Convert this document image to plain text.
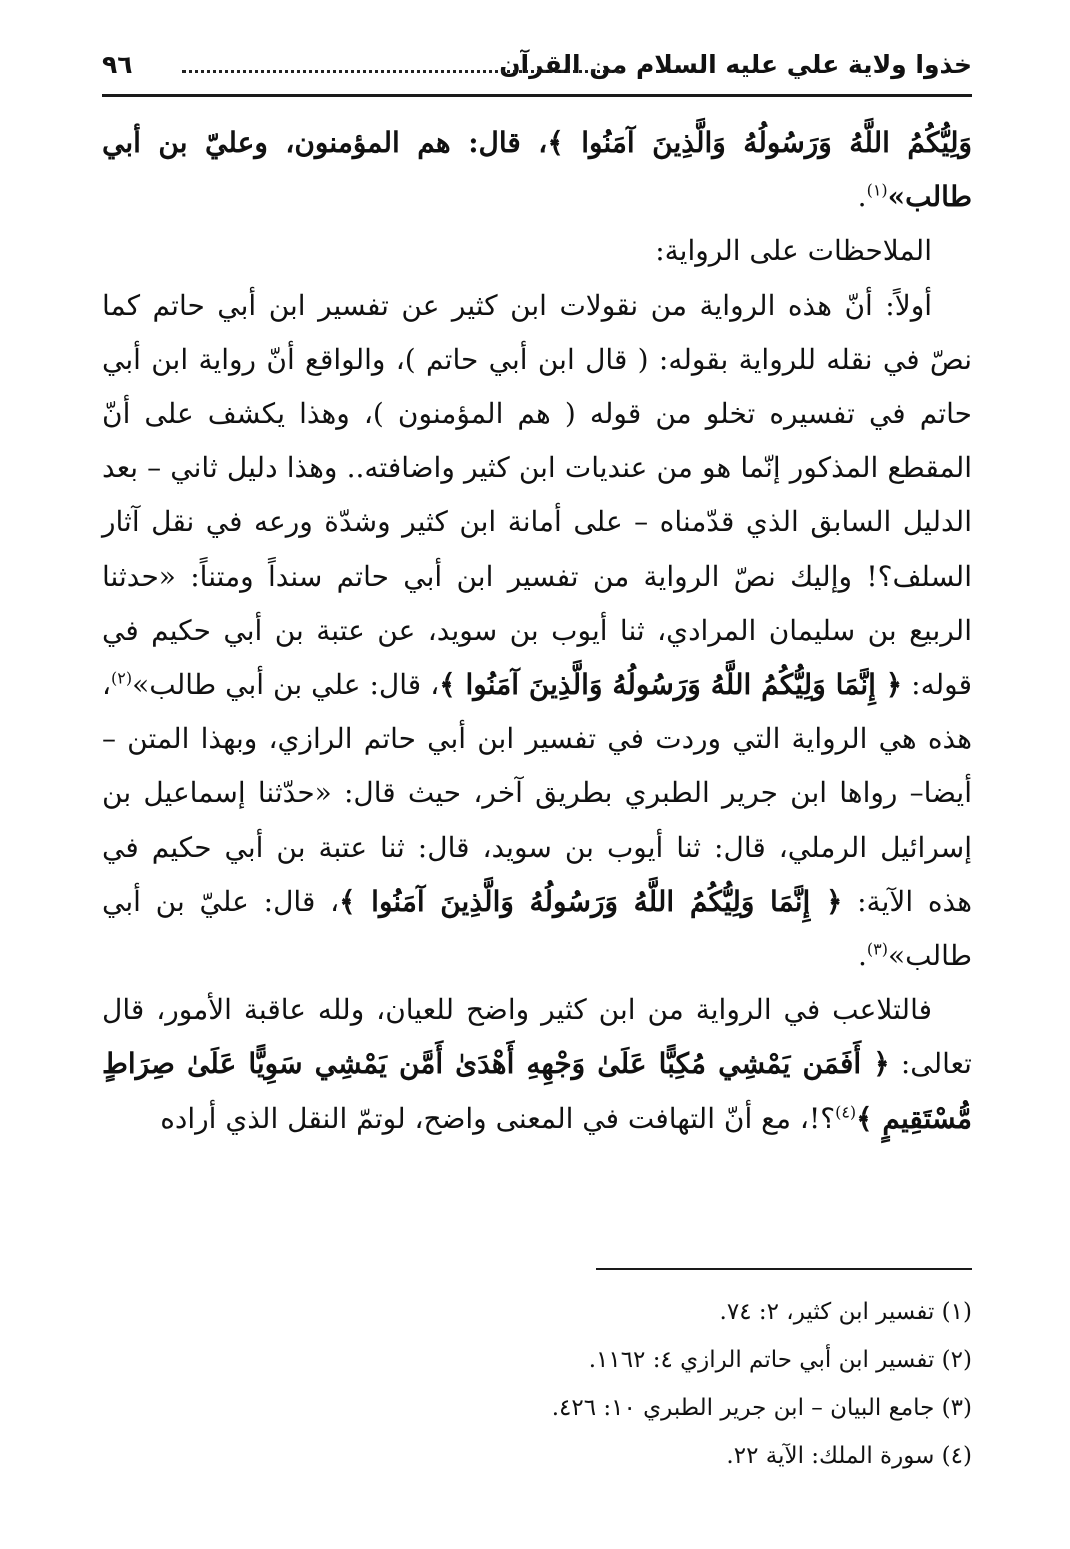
خذوا ولاية علي عليه السلام من القرآن
٩٦

وَلِيُّكُمُ اللَّهُ وَرَسُولُهُ وَالَّذِينَ آمَنُوا ﴾، قال: هم المؤمنون، وعليّ بن أبي طالب»$^{(١)}$.

الملاحظات على الرواية:

أولاً: أنّ هذه الرواية من نقولات ابن كثير عن تفسير ابن أبي حاتم كما نصّ في نقله للرواية بقوله: ( قال ابن أبي حاتم )، والواقع أنّ رواية ابن أبي حاتم في تفسيره تخلو من قوله ( هم المؤمنون )، وهذا يكشف على أنّ المقطع المذكور إنّما هو من عنديات ابن كثير واضافته.. وهذا دليل ثاني – بعد الدليل السابق الذي قدّمناه – على أمانة ابن كثير وشدّة ورعه في نقل آثار السلف؟! وإليك نصّ الرواية من تفسير ابن أبي حاتم سنداً ومتناً: «حدثنا الربيع بن سليمان المرادي، ثنا أيوب بن سويد، عن عتبة بن أبي حكيم في قوله: ﴿ إِنَّمَا وَلِيُّكُمُ اللَّهُ وَرَسُولُهُ وَالَّذِينَ آمَنُوا ﴾، قال: علي بن أبي طالب»$^{(٢)}$، هذه هي الرواية التي وردت في تفسير ابن أبي حاتم الرازي، وبهذا المتن –أيضا– رواها ابن جرير الطبري بطريق آخر، حيث قال: «حدّثنا إسماعيل بن إسرائيل الرملي، قال: ثنا أيوب بن سويد، قال: ثنا عتبة بن أبي حكيم في هذه الآية: ﴿ إِنَّمَا وَلِيُّكُمُ اللَّهُ وَرَسُولُهُ وَالَّذِينَ آمَنُوا ﴾، قال: عليّ بن أبي طالب»$^{(٣)}$.

فالتلاعب في الرواية من ابن كثير واضح للعيان، ولله عاقبة الأمور، قال تعالى: ﴿ أَفَمَن يَمْشِي مُكِبًّا عَلَىٰ وَجْهِهِ أَهْدَىٰ أَمَّن يَمْشِي سَوِيًّا عَلَىٰ صِرَاطٍ مُّسْتَقِيمٍ ﴾$^{(٤)}$؟!، مع أنّ التهافت في المعنى واضح، لوتمّ النقل الذي أراده

(١) تفسير ابن كثير، ٢: ٧٤.

(٢) تفسير ابن أبي حاتم الرازي ٤: ١١٦٢.

(٣) جامع البيان – ابن جرير الطبري ١٠: ٤٢٦.

(٤) سورة الملك: الآية ٢٢.
